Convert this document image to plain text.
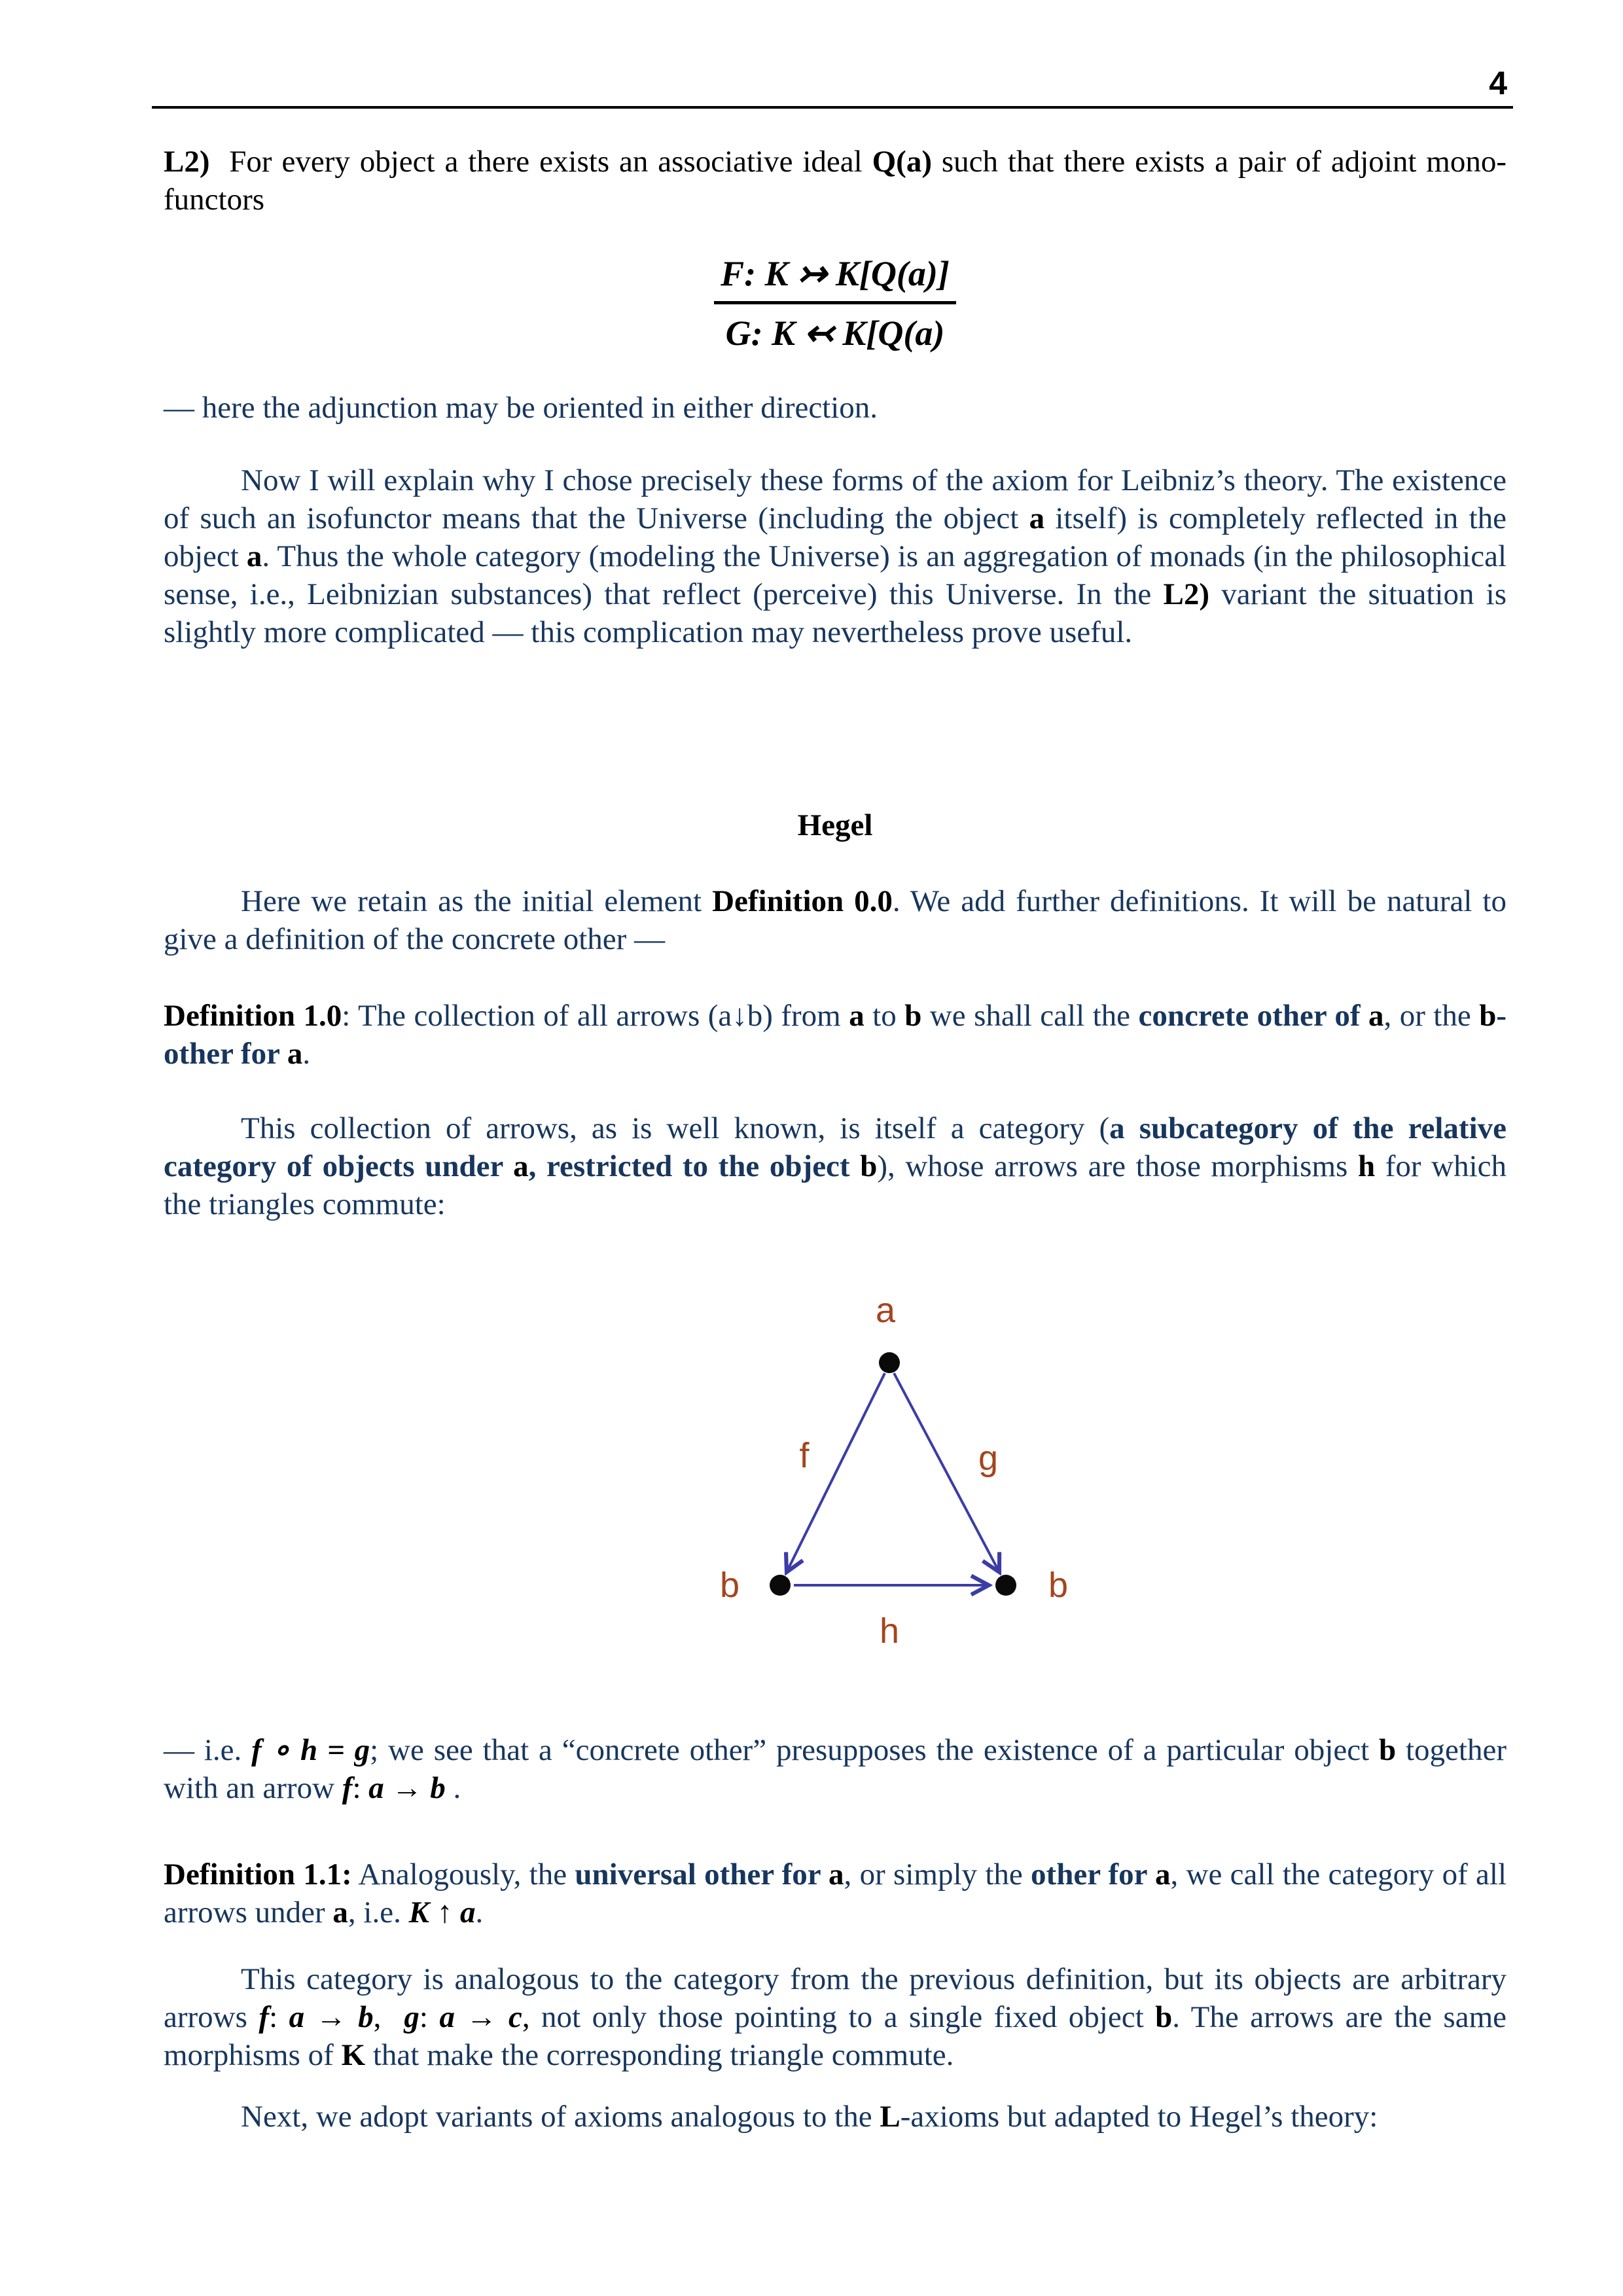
4
L2)  For every object a there exists an associative ideal Q(a) such that there exists a pair of adjoint mono-functors
$\frac{F: K ↣ K[Q(a)]}{G: K ↢ K[Q(a)}$
— here the adjunction may be oriented in either direction.
Now I will explain why I chose precisely these forms of the axiom for Leibniz’s theory. The existence of such an isofunctor means that the Universe (including the object a itself) is completely reflected in the object a. Thus the whole category (modeling the Universe) is an aggregation of monads (in the philosophical sense, i.e., Leibnizian substances) that reflect (perceive) this Universe. In the L2) variant the situation is slightly more complicated — this complication may nevertheless prove useful.
Hegel
Here we retain as the initial element Definition 0.0. We add further definitions. It will be natural to give a definition of the concrete other —
Definition 1.0: The collection of all arrows (a↓b) from a to b we shall call the concrete other of a, or the b-other for a.
This collection of arrows, as is well known, is itself a category (a subcategory of the relative category of objects under a, restricted to the object b), whose arrows are those morphisms h for which the triangles commute:
a
f	g
b	b
h
— i.e. f ∘ h = g; we see that a “concrete other” presupposes the existence of a particular object b together with an arrow f: a → b .
Definition 1.1: Analogously, the universal other for a, or simply the other for a, we call the category of all arrows under a, i.e. K ↑ a.
This category is analogous to the category from the previous definition, but its objects are arbitrary arrows f: a → b,  g: a → c, not only those pointing to a single fixed object b. The arrows are the same morphisms of K that make the corresponding triangle commute.
Next, we adopt variants of axioms analogous to the L-axioms but adapted to Hegel’s theory:
